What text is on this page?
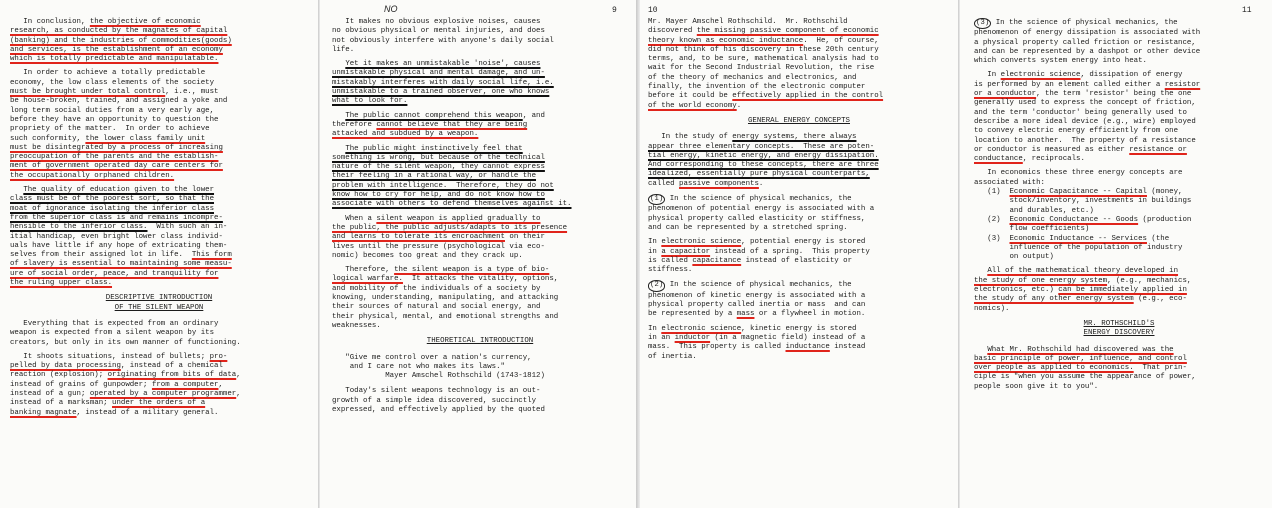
In conclusion, the objective of economic
research, as conducted by the magnates of capital
(banking) and the industries of commodities(goods)
and services, is the establishment of an economy
which is totally predictable and manipulatable.

In order to achieve a totally predictable
economy, the low class elements of the society
must be brought under total control, i.e., must
be house-broken, trained, and assigned a yoke and
long term social duties from a very early age,
before they have an opportunity to question the
propriety of the matter.  In order to achieve
such conformity, the lower class family unit
must be disintegrated by a process of increasing
preoccupation of the parents and the establish-
ment of government operated day care centers for
the occupationally orphaned children.

The quality of education given to the lower
class must be of the poorest sort, so that the
moat of ignorance isolating the inferior class
from the superior class is and remains incompre-
hensible to the inferior class.  With such an in-
itial handicap, even bright lower class individ-
uals have little if any hope of extricating them-
selves from their assigned lot in life.  This form
of slavery is essential to maintaining some measu-
ure of social order, peace, and tranquility for
the ruling upper class.

DESCRIPTIVE INTRODUCTION
OF THE SILENT WEAPON

Everything that is expected from an ordinary
weapon is expected from a silent weapon by its
creators, but only in its own manner of functioning.

It shoots situations, instead of bullets; pro-
pelled by data processing, instead of a chemical
reaction (explosion); originating from bits of data,
instead of grains of gunpowder; from a computer,
instead of a gun; operated by a computer programmer,
instead of a marksman; under the orders of a
banking magnate, instead of a military general.

9
NO

It makes no obvious explosive noises, causes
no obvious physical or mental injuries, and does
not obviously interfere with anyone's daily social
life.

Yet it makes an unmistakable 'noise', causes
unmistakable physical and mental damage, and un-
mistakably interferes with daily social life, i.e.
unmistakable to a trained observer, one who knows
what to look for.

The public cannot comprehend this weapon, and
therefore cannot believe that they are being
attacked and subdued by a weapon.

The public might instinctively feel that
something is wrong, but because of the technical
nature of the silent weapon, they cannot express
their feeling in a rational way, or handle the
problem with intelligence.  Therefore, they do not
know how to cry for help, and do not know how to
associate with others to defend themselves against it.

When a silent weapon is applied gradually to
the public, the public adjusts/adapts to its presence
and learns to tolerate its encroachment on their
lives until the pressure (psychological via eco-
nomic) becomes too great and they crack up.

Therefore, the silent weapon is a type of bio-
logical warfare.  It attacks the vitality, options,
and mobility of the individuals of a society by
knowing, understanding, manipulating, and attacking
their sources of natural and social energy, and
their physical, mental, and emotional strengths and
weaknesses.

THEORETICAL INTRODUCTION
"Give me control over a nation's currency,
and I care not who makes its laws."
Mayer Amschel Rothschild (1743-1812)

Today's silent weapons technology is an out-
growth of a simple idea discovered, succinctly
expressed, and effectively applied by the quoted

10

Mr. Mayer Amschel Rothschild.  Mr. Rothschild
discovered the missing passive component of economic
theory known as economic inductance.  He, of course,
did not think of his discovery in these 20th century
terms, and, to be sure, mathematical analysis had to
wait for the Second Industrial Revolution, the rise
of the theory of mechanics and electronics, and
finally, the invention of the electronic computer
before it could be effectively applied in the control
of the world economy.

GENERAL ENERGY CONCEPTS

In the study of energy systems, there always
appear three elementary concepts.  These are poten-
tial energy, kinetic energy, and energy dissipation.
And corresponding to these concepts, there are three
idealized, essentially pure physical counterparts,
called passive components.

(1) In the science of physical mechanics, the
phenomenon of potential energy is associated with a
physical property called elasticity or stiffness,
and can be represented by a stretched spring.

In electronic science, potential energy is stored
in a capacitor instead of a spring.  This property
is called capacitance instead of elasticity or
stiffness.

(2) In the science of physical mechanics, the
phenomenon of kinetic energy is associated with a
physical property called inertia or mass  and can
be represented by a mass or a flywheel in motion.

In electronic science, kinetic energy is stored
in an inductor (in a magnetic field) instead of a
mass.  This property is called inductance instead
of inertia.

11

(3) In the science of physical mechanics, the
phenomenon of energy dissipation is associated with
a physical property called friction or resistance,
and can be represented by a dashpot or other device
which converts system energy into heat.

In electronic science, dissipation of energy
is performed by an element called either a resistor
or a conductor, the term 'resistor' being the one
generally used to express the concept of friction,
and the term 'conductor' being generally used to
describe a more ideal device (e.g., wire) employed
to convey electric energy efficiently from one
location to another.  The property of a resistance
or conductor is measured as either resistance or
conductance, reciprocals.

In economics these three energy concepts are
associated with:
(1)  Economic Capacitance -- Capital (money,
stock/inventory, investments in buildings
and durables, etc.)
(2)  Economic Conductance -- Goods (production
flow coefficients)
(3)  Economic Inductance -- Services (the
influence of the population of industry
on output)

All of the mathematical theory developed in
the study of one energy system, (e.g., mechanics,
electronics, etc.) can be immediately applied in
the study of any other energy system (e.g., eco-
nomics).

MR. ROTHSCHILD'S
ENERGY DISCOVERY

What Mr. Rothschild had discovered was the
basic principle of power, influence, and control
over people as applied to economics.  That prin-
ciple is "when you assume the appearance of power,
people soon give it to you".
